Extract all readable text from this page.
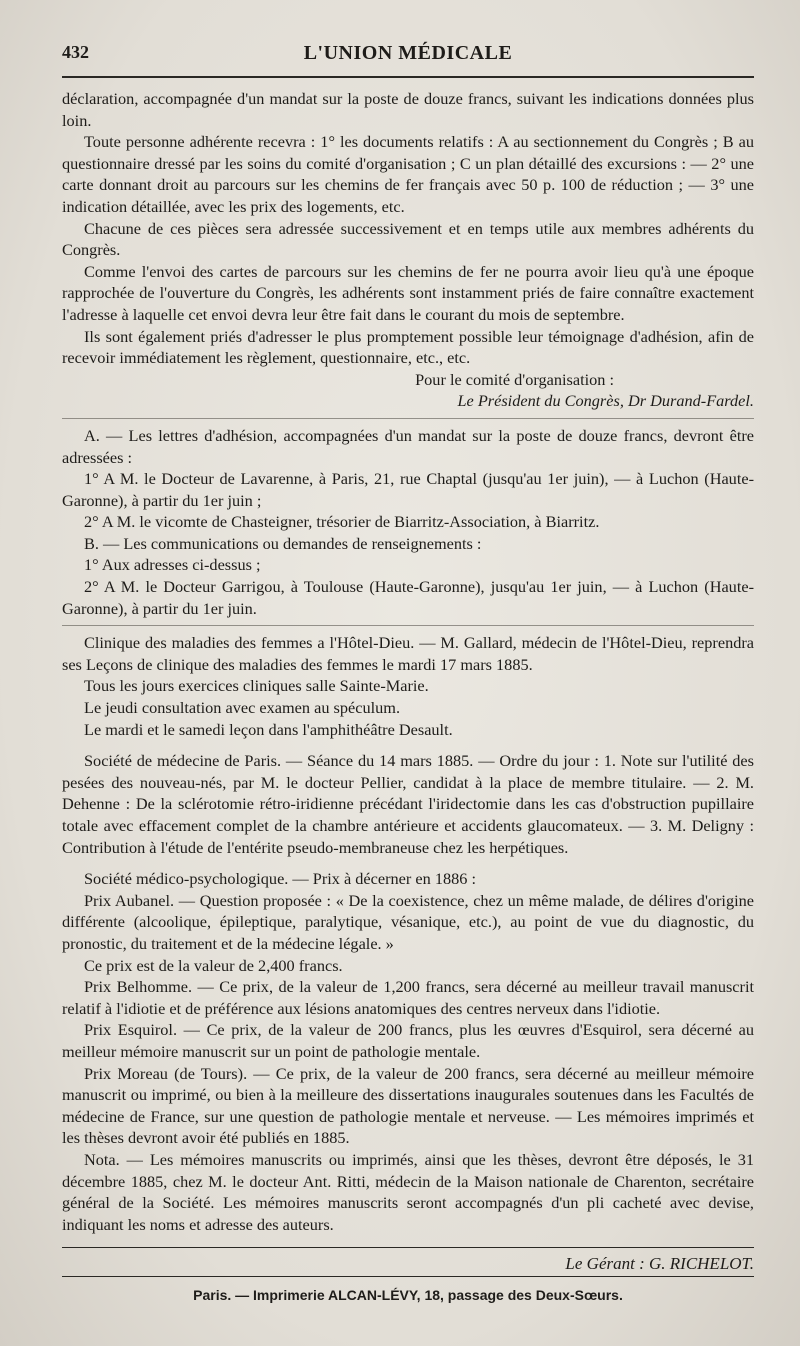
432	L'UNION MÉDICALE

déclaration, accompagnée d'un mandat sur la poste de douze francs, suivant les indications données plus loin.

Toute personne adhérente recevra : 1° les documents relatifs : A au sectionnement du Congrès ; B au questionnaire dressé par les soins du comité d'organisation ; C un plan détaillé des excursions : — 2° une carte donnant droit au parcours sur les chemins de fer français avec 50 p. 100 de réduction ; — 3° une indication détaillée, avec les prix des logements, etc.

Chacune de ces pièces sera adressée successivement et en temps utile aux membres adhérents du Congrès.

Comme l'envoi des cartes de parcours sur les chemins de fer ne pourra avoir lieu qu'à une époque rapprochée de l'ouverture du Congrès, les adhérents sont instamment priés de faire connaître exactement l'adresse à laquelle cet envoi devra leur être fait dans le courant du mois de septembre.

Ils sont également priés d'adresser le plus promptement possible leur témoignage d'adhésion, afin de recevoir immédiatement les règlement, questionnaire, etc., etc.

Pour le comité d'organisation :

Le Président du Congrès, Dr Durand-Fardel.

A. — Les lettres d'adhésion, accompagnées d'un mandat sur la poste de douze francs, devront être adressées :

1° A M. le Docteur de Lavarenne, à Paris, 21, rue Chaptal (jusqu'au 1er juin), — à Luchon (Haute-Garonne), à partir du 1er juin ;

2° A M. le vicomte de Chasteigner, trésorier de Biarritz-Association, à Biarritz.

B. — Les communications ou demandes de renseignements :

1° Aux adresses ci-dessus ;

2° A M. le Docteur Garrigou, à Toulouse (Haute-Garonne), jusqu'au 1er juin, — à Luchon (Haute-Garonne), à partir du 1er juin.

Clinique des maladies des femmes a l'Hôtel-Dieu. — M. Gallard, médecin de l'Hôtel-Dieu, reprendra ses Leçons de clinique des maladies des femmes le mardi 17 mars 1885.

Tous les jours exercices cliniques salle Sainte-Marie.

Le jeudi consultation avec examen au spéculum.

Le mardi et le samedi leçon dans l'amphithéâtre Desault.

Société de médecine de Paris. — Séance du 14 mars 1885. — Ordre du jour : 1. Note sur l'utilité des pesées des nouveau-nés, par M. le docteur Pellier, candidat à la place de membre titulaire. — 2. M. Dehenne : De la sclérotomie rétro-iridienne précédant l'iridectomie dans les cas d'obstruction pupillaire totale avec effacement complet de la chambre antérieure et accidents glaucomateux. — 3. M. Deligny : Contribution à l'étude de l'entérite pseudo-membraneuse chez les herpétiques.

Société médico-psychologique. — Prix à décerner en 1886 :

Prix Aubanel. — Question proposée : « De la coexistence, chez un même malade, de délires d'origine différente (alcoolique, épileptique, paralytique, vésanique, etc.), au point de vue du diagnostic, du pronostic, du traitement et de la médecine légale. »

Ce prix est de la valeur de 2,400 francs.

Prix Belhomme. — Ce prix, de la valeur de 1,200 francs, sera décerné au meilleur travail manuscrit relatif à l'idiotie et de préférence aux lésions anatomiques des centres nerveux dans l'idiotie.

Prix Esquirol. — Ce prix, de la valeur de 200 francs, plus les œuvres d'Esquirol, sera décerné au meilleur mémoire manuscrit sur un point de pathologie mentale.

Prix Moreau (de Tours). — Ce prix, de la valeur de 200 francs, sera décerné au meilleur mémoire manuscrit ou imprimé, ou bien à la meilleure des dissertations inaugurales soutenues dans les Facultés de médecine de France, sur une question de pathologie mentale et nerveuse. — Les mémoires imprimés et les thèses devront avoir été publiés en 1885.

Nota. — Les mémoires manuscrits ou imprimés, ainsi que les thèses, devront être déposés, le 31 décembre 1885, chez M. le docteur Ant. Ritti, médecin de la Maison nationale de Charenton, secrétaire général de la Société. Les mémoires manuscrits seront accompagnés d'un pli cacheté avec devise, indiquant les noms et adresse des auteurs.

Le Gérant : G. RICHELOT.
Paris. — Imprimerie ALCAN-LÉVY, 18, passage des Deux-Sœurs.
